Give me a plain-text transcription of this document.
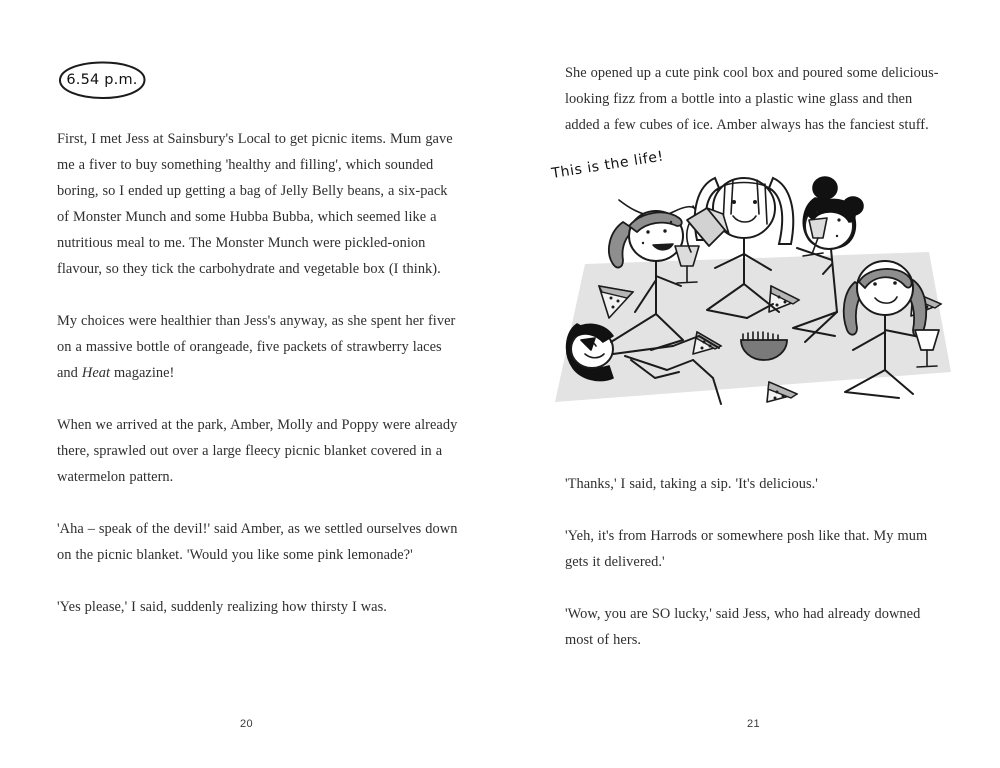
6.54 p.m.

First, I met Jess at Sainsbury's Local to get picnic items. Mum gave me a fiver to buy something 'healthy and filling', which sounded boring, so I ended up getting a bag of Jelly Belly beans, a six-pack of Monster Munch and some Hubba Bubba, which seemed like a nutritious meal to me. The Monster Munch were pickled-onion flavour, so they tick the carbohydrate and vegetable box (I think).

My choices were healthier than Jess's anyway, as she spent her fiver on a massive bottle of orangeade, five packets of strawberry laces and Heat magazine!

When we arrived at the park, Amber, Molly and Poppy were already there, sprawled out over a large fleecy picnic blanket covered in a watermelon pattern.

'Aha – speak of the devil!' said Amber, as we settled ourselves down on the picnic blanket. 'Would you like some pink lemonade?'

'Yes please,' I said, suddenly realizing how thirsty I was.

20

She opened up a cute pink cool box and poured some delicious-looking fizz from a bottle into a plastic wine glass and then added a few cubes of ice. Amber always has the fanciest stuff.

This is the life!

'Thanks,' I said, taking a sip. 'It's delicious.'

'Yeh, it's from Harrods or somewhere posh like that. My mum gets it delivered.'

'Wow, you are SO lucky,' said Jess, who had already downed most of hers.

21
